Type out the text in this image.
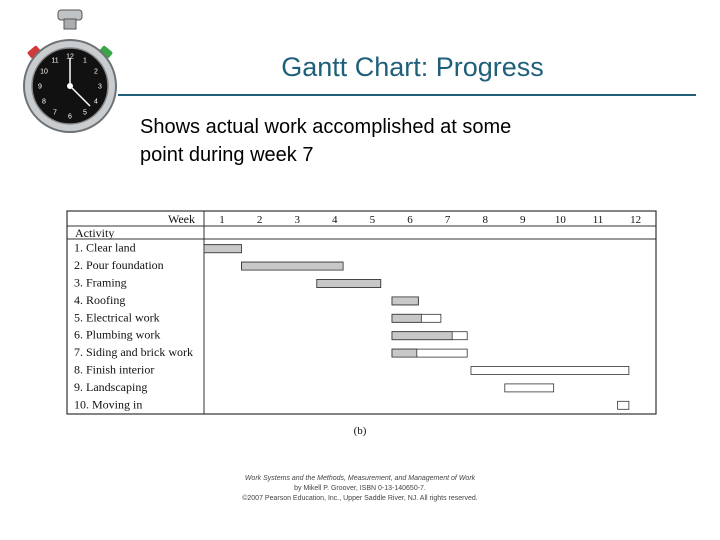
12
1
2
3
4
5
6
7
8
9
10
11	Gantt Chart: Progress
Shows actual work accomplished at some
point during week 7
Week
Activity
1	2	3	4	5	6	7	8	9	10 11 12
1. Clear land
2. Pour foundation
3. Framing
4. Roofing
5. Electrical work
6. Plumbing work
7. Siding and brick work
8. Finish interior
9. Landscaping
10. Moving in
(b)
Work Systems and the Methods, Measurement, and Management of Work
by Mikell P. Groover, ISBN 0-13-140650-7.
©2007 Pearson Education, Inc., Upper Saddle River, NJ. All rights reserved.
